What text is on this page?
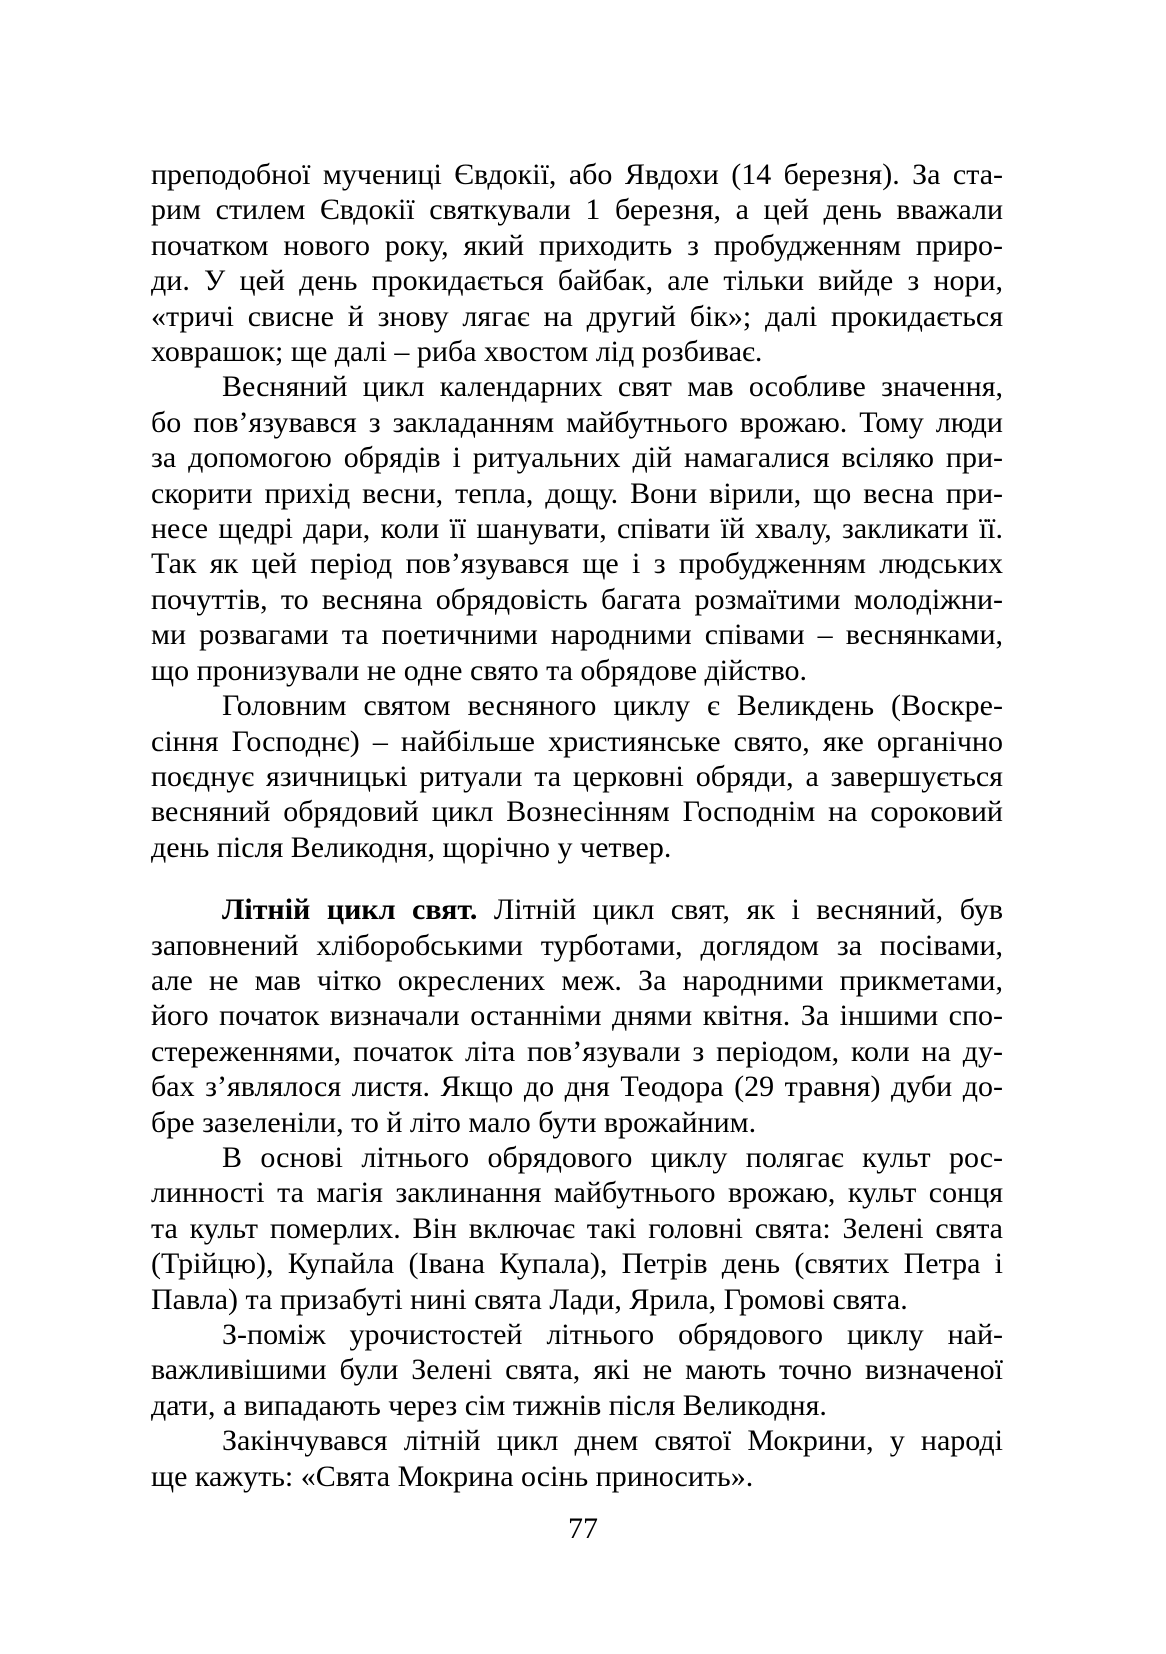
преподобної мучениці Євдокії, або Явдохи (14 березня). За ста-
рим стилем Євдокії святкували 1 березня, а цей день вважали
початком нового року, який приходить з пробудженням приро-
ди. У цей день прокидається байбак, але тільки вийде з нори,
«тричі свисне й знову лягає на другий бік»; далі прокидається
ховрашок; ще далі – риба хвостом лід розбиває.
Весняний цикл календарних свят мав особливе значення,
бо пов’язувався з закладанням майбутнього врожаю. Тому люди
за допомогою обрядів і ритуальних дій намагалися всіляко при-
скорити прихід весни, тепла, дощу. Вони вірили, що весна при-
несе щедрі дари, коли її шанувати, співати їй хвалу, закликати її.
Так як цей період пов’язувався ще і з пробудженням людських
почуттів, то весняна обрядовість багата розмаїтими молодіжни-
ми розвагами та поетичними народними співами – веснянками,
що пронизували не одне свято та обрядове дійство.
Головним святом весняного циклу є Великдень (Воскре-
сіння Господнє) – найбільше християнське свято, яке органічно
поєднує язичницькі ритуали та церковні обряди, а завершується
весняний обрядовий цикл Вознесінням Господнім на сороковий
день після Великодня, щорічно у четвер.
Літній цикл свят. Літній цикл свят, як і весняний, був
заповнений хліборобськими турботами, доглядом за посівами,
але не мав чітко окреслених меж. За народними прикметами,
його початок визначали останніми днями квітня. За іншими спо-
стереженнями, початок літа пов’язували з періодом, коли на ду-
бах з’являлося листя. Якщо до дня Теодора (29 травня) дуби до-
бре зазеленіли, то й літо мало бути врожайним.
В основі літнього обрядового циклу полягає культ рос-
линності та магія заклинання майбутнього врожаю, культ сонця
та культ померлих. Він включає такі головні свята: Зелені свята
(Трійцю), Купайла (Івана Купала), Петрів день (святих Петра і
Павла) та призабуті нині свята Лади, Ярила, Громові свята.
З-поміж урочистостей літнього обрядового циклу най-
важливішими були Зелені свята, які не мають точно визначеної
дати, а випадають через сім тижнів після Великодня.
Закінчувався літній цикл днем святої Мокрини, у народі
ще кажуть: «Свята Мокрина осінь приносить».
77
